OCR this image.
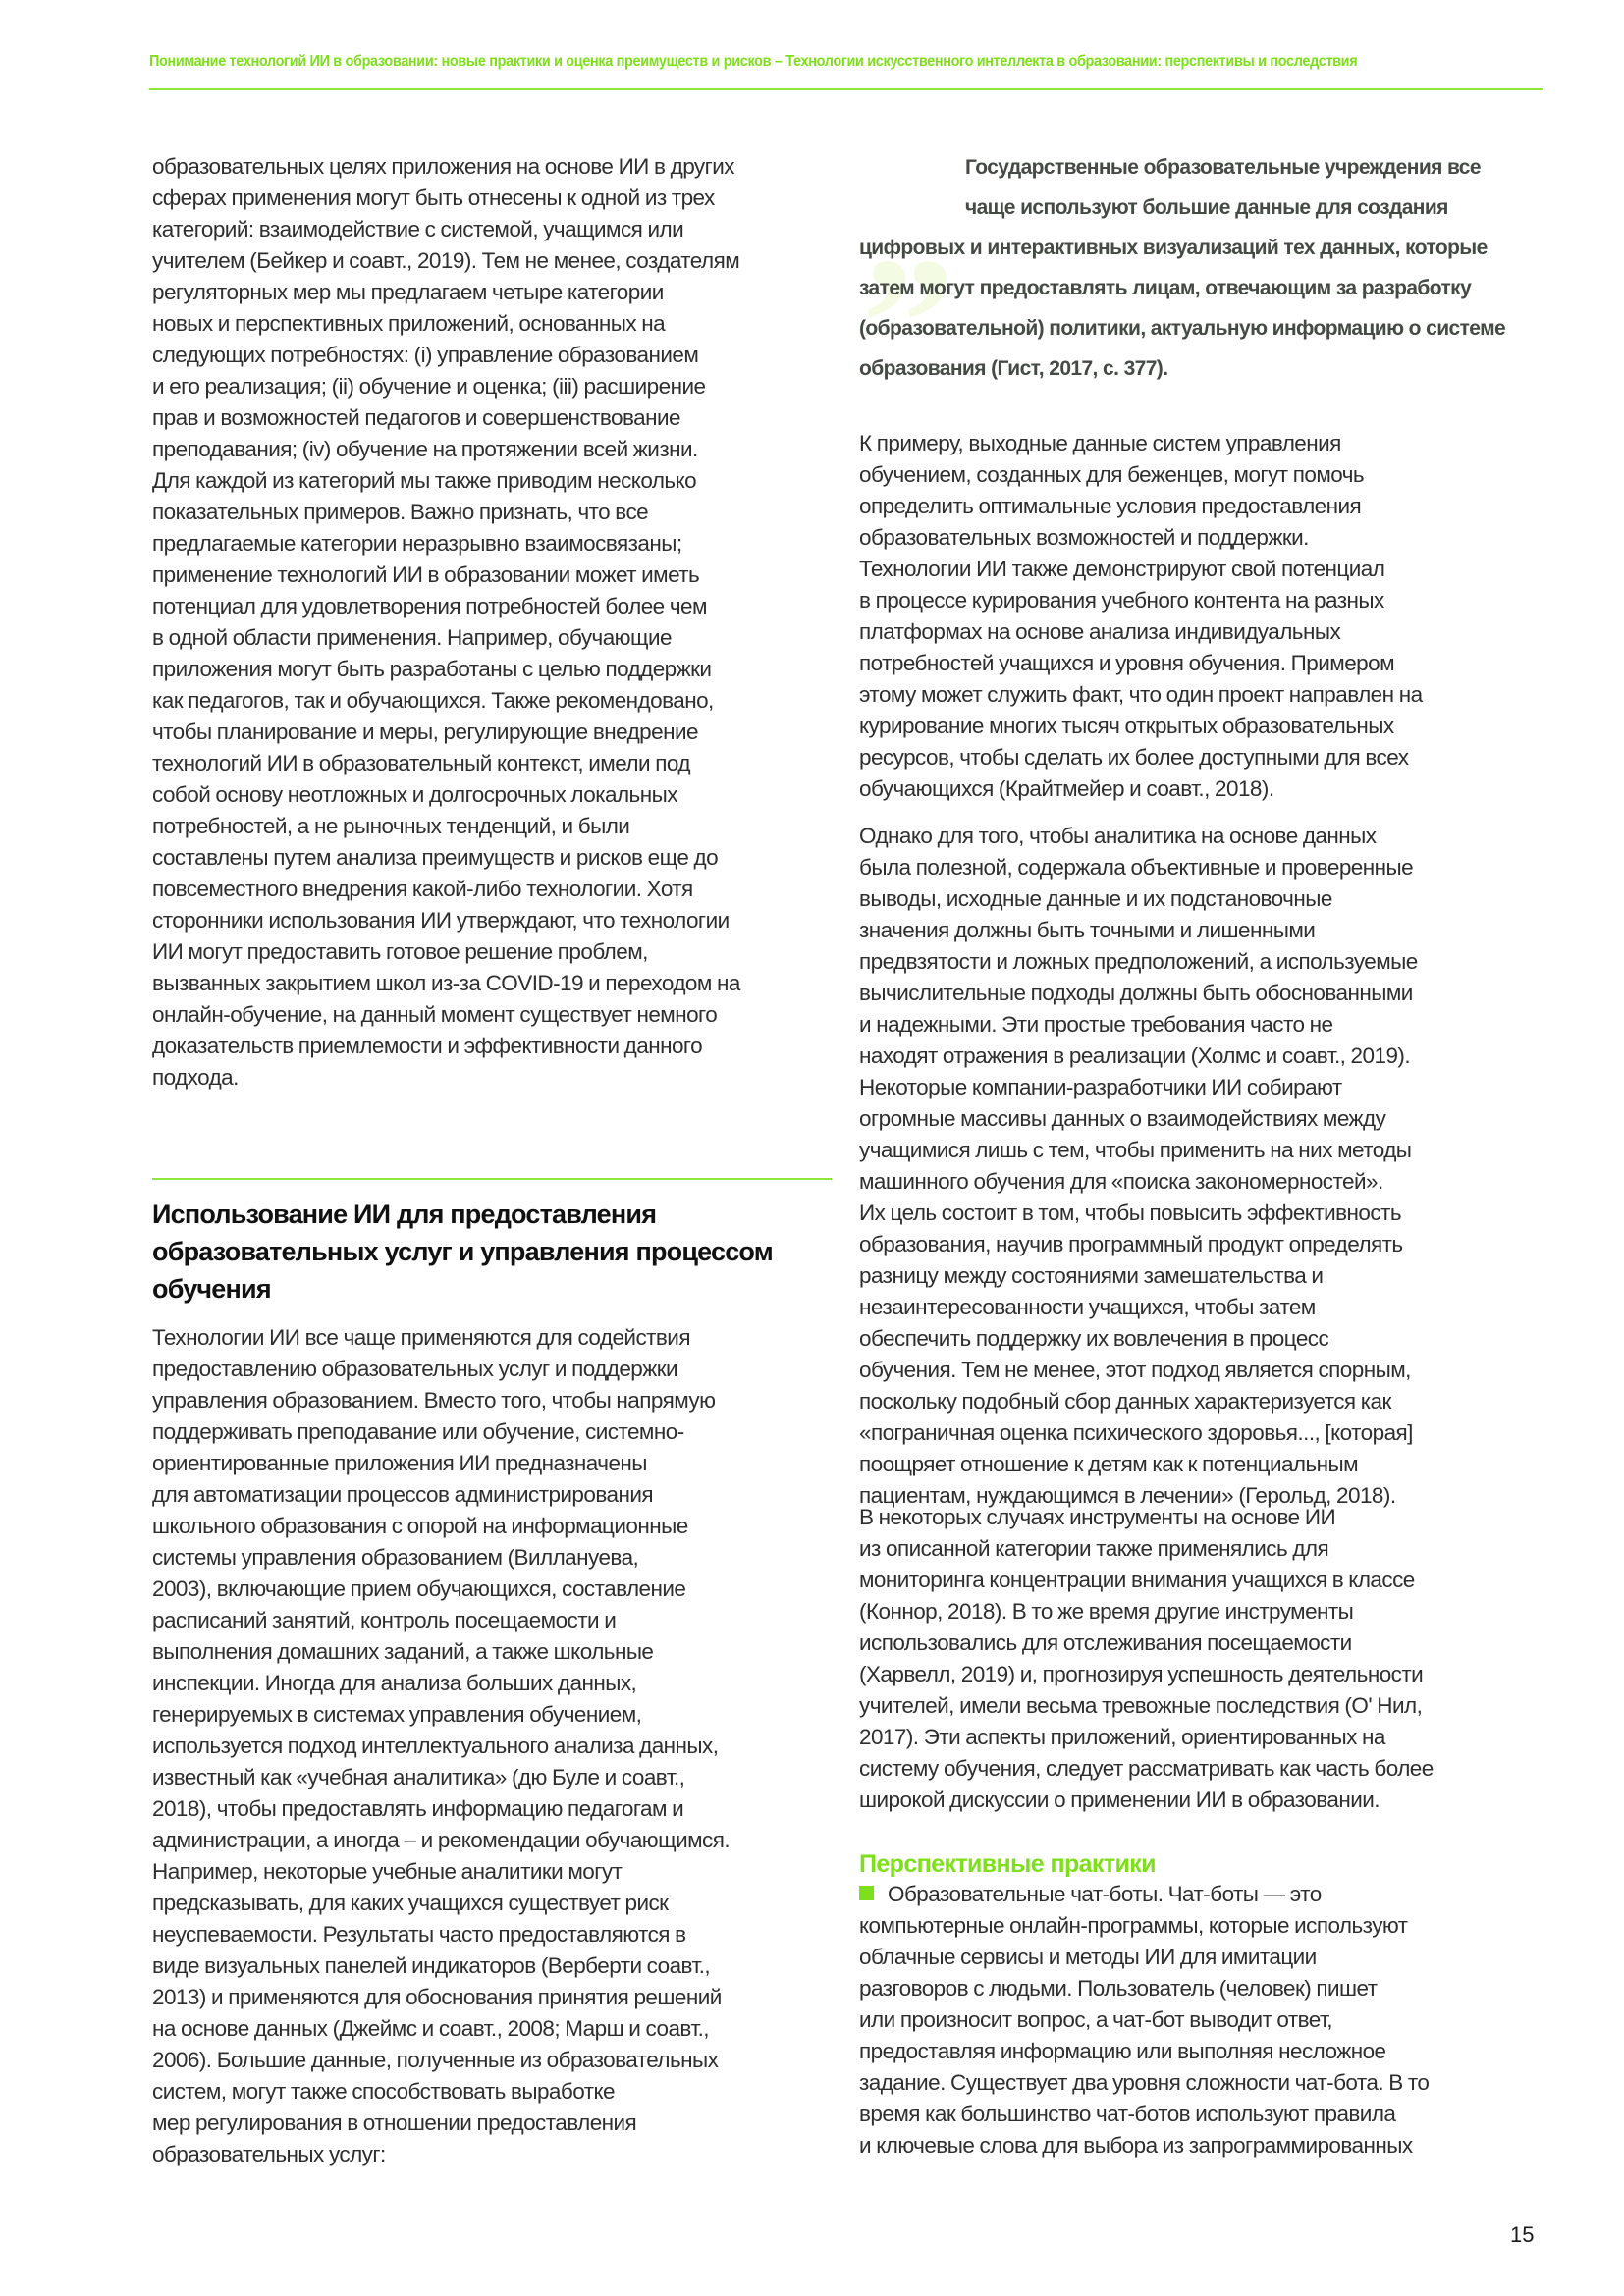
Понимание технологий ИИ в образовании: новые практики и оценка преимуществ и рисков – Технологии искусственного интеллекта в образовании: перспективы и последствия

образовательных целях приложения на основе ИИ в других
сферах применения могут быть отнесены к одной из трех
категорий: взаимодействие с системой, учащимся или
учителем (Бейкер и соавт., 2019). Тем не менее, создателям
регуляторных мер мы предлагаем четыре категории
новых и перспективных приложений, основанных на
следующих потребностях: (i) управление образованием
и его реализация; (ii) обучение и оценка; (iii) расширение
прав и возможностей педагогов и совершенствование
преподавания; (iv) обучение на протяжении всей жизни.
Для каждой из категорий мы также приводим несколько
показательных примеров. Важно признать, что все
предлагаемые категории неразрывно взаимосвязаны;
применение технологий ИИ в образовании может иметь
потенциал для удовлетворения потребностей более чем
в одной области применения. Например, обучающие
приложения могут быть разработаны с целью поддержки
как педагогов, так и обучающихся. Также рекомендовано,
чтобы планирование и меры, регулирующие внедрение
технологий ИИ в образовательный контекст, имели под
собой основу неотложных и долгосрочных локальных
потребностей, а не рыночных тенденций, и были
составлены путем анализа преимуществ и рисков еще до
повсеместного внедрения какой-либо технологии. Хотя
сторонники использования ИИ утверждают, что технологии
ИИ могут предоставить готовое решение проблем,
вызванных закрытием школ из-за COVID-19 и переходом на
онлайн-обучение, на данный момент существует немного
доказательств приемлемости и эффективности данного
подхода.

Использование ИИ для предоставления
образовательных услуг и управления процессом
обучения

Технологии ИИ все чаще применяются для содействия
предоставлению образовательных услуг и поддержки
управления образованием. Вместо того, чтобы напрямую
поддерживать преподавание или обучение, системно-
ориентированные приложения ИИ предназначены
для автоматизации процессов администрирования
школьного образования с опорой на информационные
системы управления образованием (Виллануева,
2003), включающие прием обучающихся, составление
расписаний занятий, контроль посещаемости и
выполнения домашних заданий, а также школьные
инспекции. Иногда для анализа больших данных,
генерируемых в системах управления обучением,
используется подход интеллектуального анализа данных,
известный как «учебная аналитика» (дю Буле и соавт.,
2018), чтобы предоставлять информацию педагогам и
администрации, а иногда – и рекомендации обучающимся.
Например, некоторые учебные аналитики могут
предсказывать, для каких учащихся существует риск
неуспеваемости. Результаты часто предоставляются в
виде визуальных панелей индикаторов (Верберти соавт.,
2013) и применяются для обоснования принятия решений
на основе данных (Джеймс и соавт., 2008; Марш и соавт.,
2006). Большие данные, полученные из образовательных
систем, могут также способствовать выработке
мер регулирования в отношении предоставления
образовательных услуг:

„	Государственные образовательные учреждения все
чаще используют большие данные для создания
цифровых и интерактивных визуализаций тех данных, которые
затем могут предоставлять лицам, отвечающим за разработку
(образовательной) политики, актуальную информацию о системе
образования (Гист, 2017, с. 377).

К примеру, выходные данные систем управления
обучением, созданных для беженцев, могут помочь
определить оптимальные условия предоставления
образовательных возможностей и поддержки.
Технологии ИИ также демонстрируют свой потенциал
в процессе курирования учебного контента на разных
платформах на основе анализа индивидуальных
потребностей учащихся и уровня обучения. Примером
этому может служить факт, что один проект направлен на
курирование многих тысяч открытых образовательных
ресурсов, чтобы сделать их более доступными для всех
обучающихся (Крайтмейер и соавт., 2018).

Однако для того, чтобы аналитика на основе данных
была полезной, содержала объективные и проверенные
выводы, исходные данные и их подстановочные
значения должны быть точными и лишенными
предвзятости и ложных предположений, а используемые
вычислительные подходы должны быть обоснованными
и надежными. Эти простые требования часто не
находят отражения в реализации (Холмс и соавт., 2019).
Некоторые компании-разработчики ИИ собирают
огромные массивы данных о взаимодействиях между
учащимися лишь с тем, чтобы применить на них методы
машинного обучения для «поиска закономерностей».
Их цель состоит в том, чтобы повысить эффективность
образования, научив программный продукт определять
разницу между состояниями замешательства и
незаинтересованности учащихся, чтобы затем
обеспечить поддержку их вовлечения в процесс
обучения. Тем не менее, этот подход является спорным,
поскольку подобный сбор данных характеризуется как
«пограничная оценка психического здоровья..., [которая]
поощряет отношение к детям как к потенциальным
пациентам, нуждающимся в лечении» (Герольд, 2018).

В некоторых случаях инструменты на основе ИИ
из описанной категории также применялись для
мониторинга концентрации внимания учащихся в классе
(Коннор, 2018). В то же время другие инструменты
использовались для отслеживания посещаемости
(Харвелл, 2019) и, прогнозируя успешность деятельности
учителей, имели весьма тревожные последствия (О' Нил,
2017). Эти аспекты приложений, ориентированных на
систему обучения, следует рассматривать как часть более
широкой дискуссии о применении ИИ в образовании.

Перспективные практики

Образовательные чат-боты. Чат-боты — это
компьютерные онлайн-программы, которые используют
облачные сервисы и методы ИИ для имитации
разговоров с людьми. Пользователь (человек) пишет
или произносит вопрос, а чат-бот выводит ответ,
предоставляя информацию или выполняя несложное
задание. Существует два уровня сложности чат-бота. В то
время как большинство чат-ботов используют правила
и ключевые слова для выбора из запрограммированных

15
